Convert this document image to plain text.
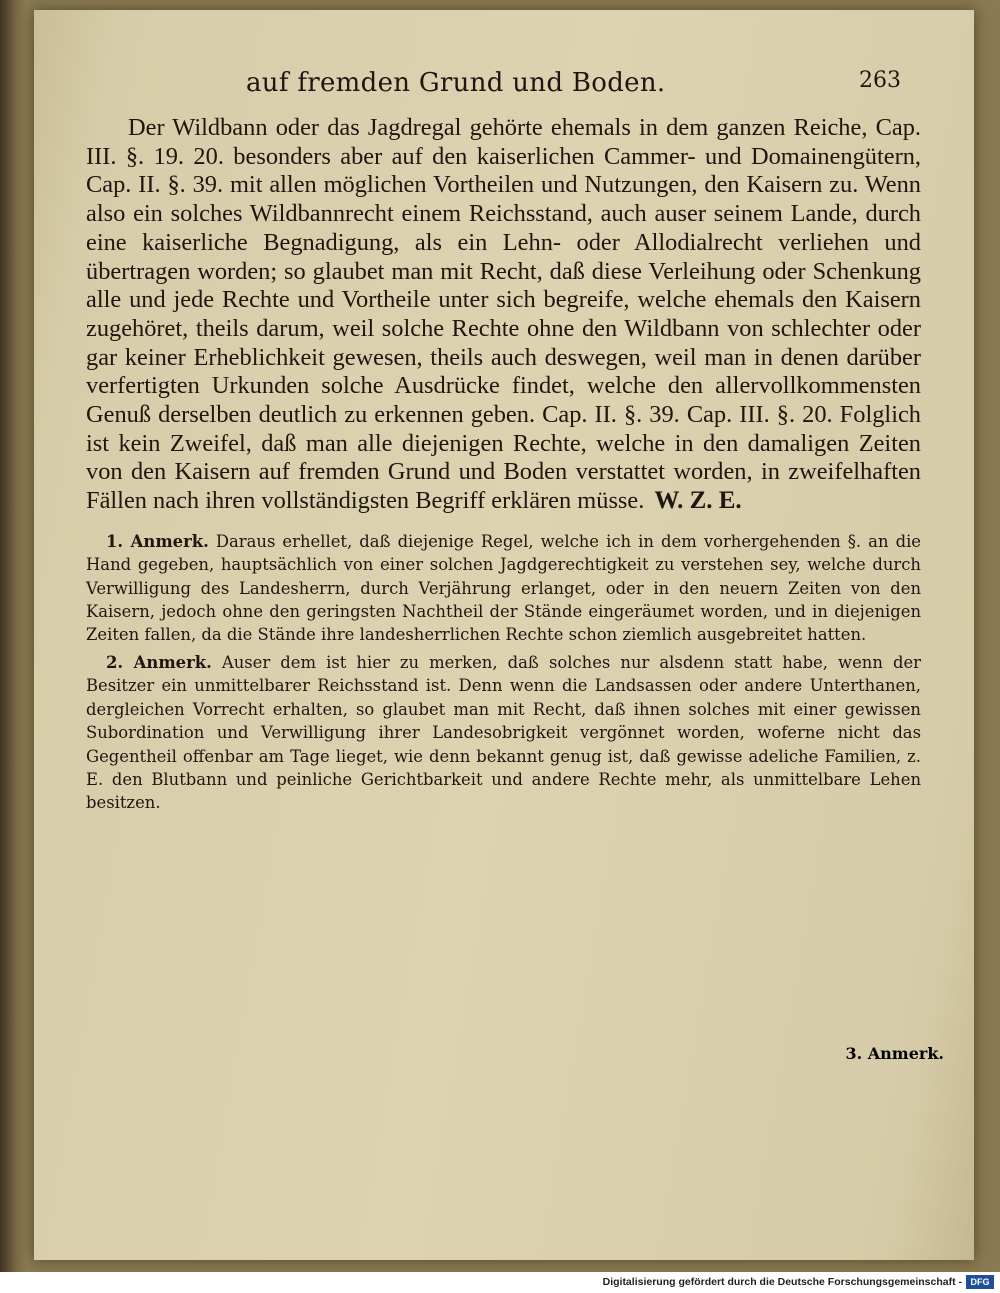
auf fremden Grund und Boden.	263

Der Wildbann oder das Jagdregal gehörte ehemals in dem ganzen Reiche, Cap. III. §. 19. 20. besonders aber auf den kaiserlichen Cammer- und Domainengütern, Cap. II. §. 39. mit allen möglichen Vortheilen und Nutzungen, den Kaisern zu. Wenn also ein solches Wildbannrecht einem Reichsstand, auch auser seinem Lande, durch eine kaiserliche Begnadigung, als ein Lehn- oder Allodialrecht verliehen und übertragen worden; so glaubet man mit Recht, daß diese Verleihung oder Schenkung alle und jede Rechte und Vortheile unter sich begreife, welche ehemals den Kaisern zugehöret, theils darum, weil solche Rechte ohne den Wildbann von schlechter oder gar keiner Erheblichkeit gewesen, theils auch deswegen, weil man in denen darüber verfertigten Urkunden solche Ausdrücke findet, welche den allervollkommensten Genuß derselben deutlich zu erkennen geben. Cap. II. §. 39. Cap. III. §. 20. Folglich ist kein Zweifel, daß man alle diejenigen Rechte, welche in den damaligen Zeiten von den Kaisern auf fremden Grund und Boden verstattet worden, in zweifelhaften Fällen nach ihren vollständigsten Begriff erklären müsse. W. Z. E.

1. Anmerk. Daraus erhellet, daß diejenige Regel, welche ich in dem vorhergehenden §. an die Hand gegeben, hauptsächlich von einer solchen Jagdgerechtigkeit zu verstehen sey, welche durch Verwilligung des Landesherrn, durch Verjährung erlanget, oder in den neuern Zeiten von den Kaisern, jedoch ohne den geringsten Nachtheil der Stände eingeräumet worden, und in diejenigen Zeiten fallen, da die Stände ihre landesherrlichen Rechte schon ziemlich ausgebreitet hatten.

2. Anmerk. Auser dem ist hier zu merken, daß solches nur alsdenn statt habe, wenn der Besitzer ein unmittelbarer Reichsstand ist. Denn wenn die Landsassen oder andere Unterthanen, dergleichen Vorrecht erhalten, so glaubet man mit Recht, daß ihnen solches mit einer gewissen Subordination und Verwilligung ihrer Landesobrigkeit vergönnet worden, woferne nicht das Gegentheil offenbar am Tage lieget, wie denn bekannt genug ist, daß gewisse adeliche Familien, z. E. den Blutbann und peinliche Gerichtbarkeit und andere Rechte mehr, als unmittelbare Lehen besitzen.

3. Anmerk.
Digitalisierung gefördert durch die Deutsche Forschungsgemeinschaft - DFG
